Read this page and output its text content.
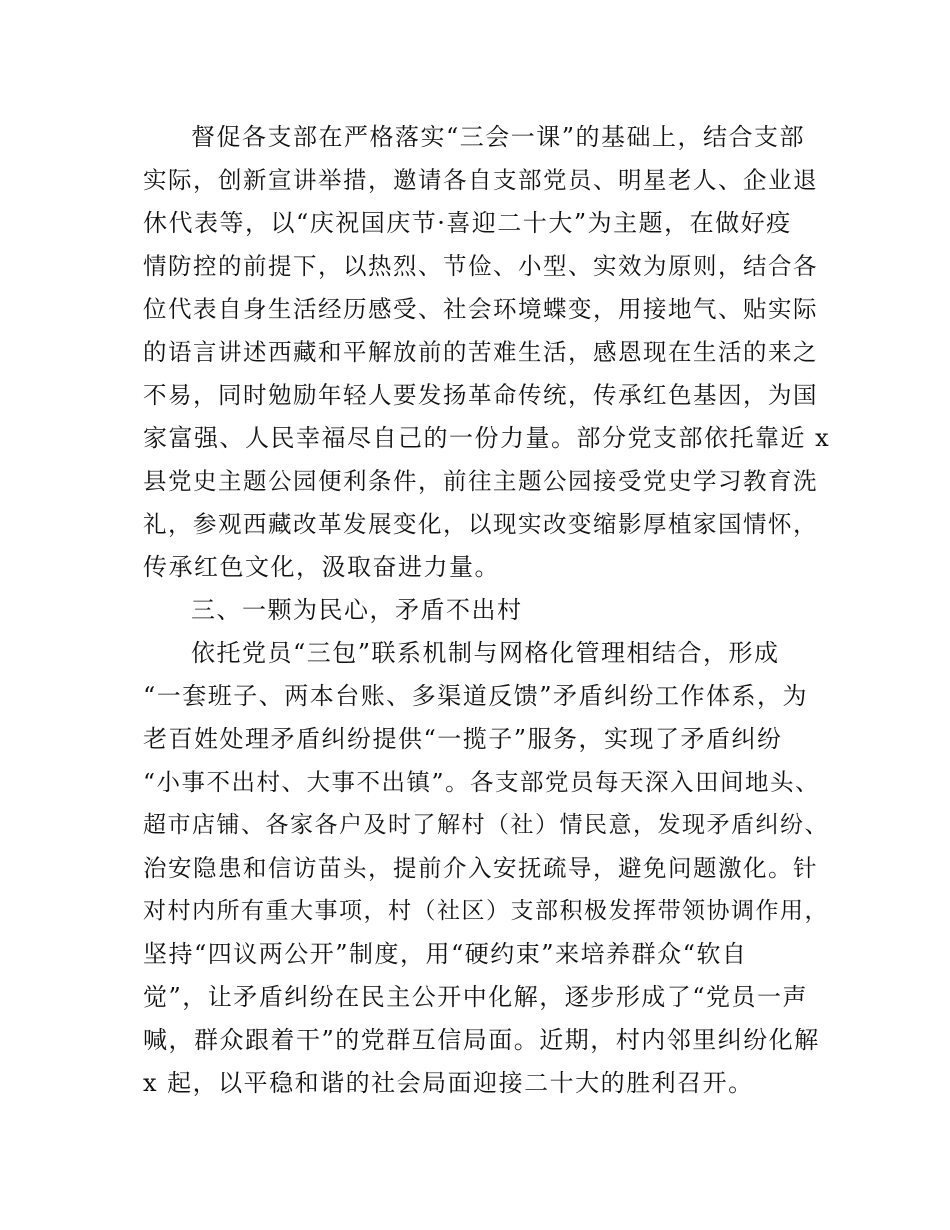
督促各支部在严格落实“三会一课”的基础上，结合支部
实际，创新宣讲举措，邀请各自支部党员、明星老人、企业退
休代表等，以“庆祝国庆节·喜迎二十大”为主题，在做好疫
情防控的前提下，以热烈、节俭、小型、实效为原则，结合各
位代表自身生活经历感受、社会环境蝶变，用接地气、贴实际
的语言讲述西藏和平解放前的苦难生活，感恩现在生活的来之
不易，同时勉励年轻人要发扬革命传统，传承红色基因，为国
家富强、人民幸福尽自己的一份力量。部分党支部依托靠近 x
县党史主题公园便利条件，前往主题公园接受党史学习教育洗
礼，参观西藏改革发展变化，以现实改变缩影厚植家国情怀，
传承红色文化，汲取奋进力量。
三、一颗为民心，矛盾不出村
依托党员“三包”联系机制与网格化管理相结合，形成
“一套班子、两本台账、多渠道反馈”矛盾纠纷工作体系，为
老百姓处理矛盾纠纷提供“一揽子”服务，实现了矛盾纠纷
“小事不出村、大事不出镇”。各支部党员每天深入田间地头、
超市店铺、各家各户及时了解村（社）情民意，发现矛盾纠纷、
治安隐患和信访苗头，提前介入安抚疏导，避免问题激化。针
对村内所有重大事项，村（社区）支部积极发挥带领协调作用，
坚持“四议两公开”制度，用“硬约束”来培养群众“软自
觉”，让矛盾纠纷在民主公开中化解，逐步形成了“党员一声
喊，群众跟着干”的党群互信局面。近期，村内邻里纠纷化解
x 起，以平稳和谐的社会局面迎接二十大的胜利召开。
